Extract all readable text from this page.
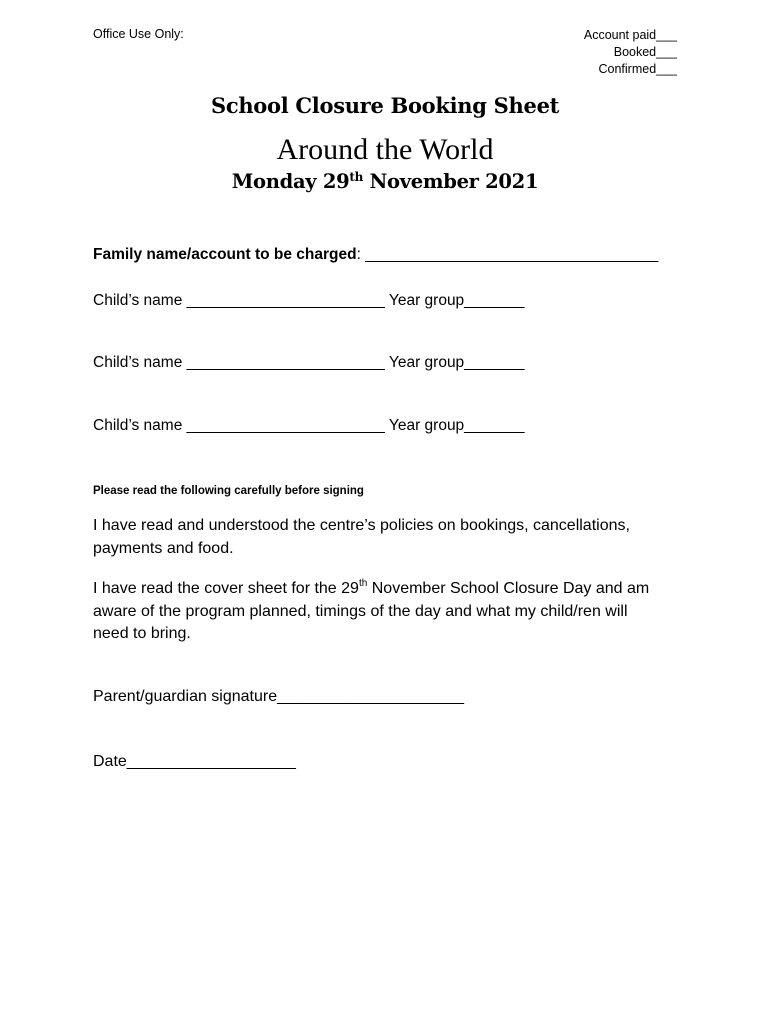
Office Use Only:	Account paid___
Booked___
Confirmed___
School Closure Booking Sheet
Around the World
Monday 29th November 2021
Family name/account to be charged: __________________________________
Child’s name _______________________ Year group_______
Child’s name _______________________ Year group_______
Child’s name _______________________ Year group_______
Please read the following carefully before signing
I have read and understood the centre’s policies on bookings, cancellations,
payments and food.
I have read the cover sheet for the 29th November School Closure Day and am
aware of the program planned, timings of the day and what my child/ren will
need to bring.
Parent/guardian signature_____________________
Date___________________
